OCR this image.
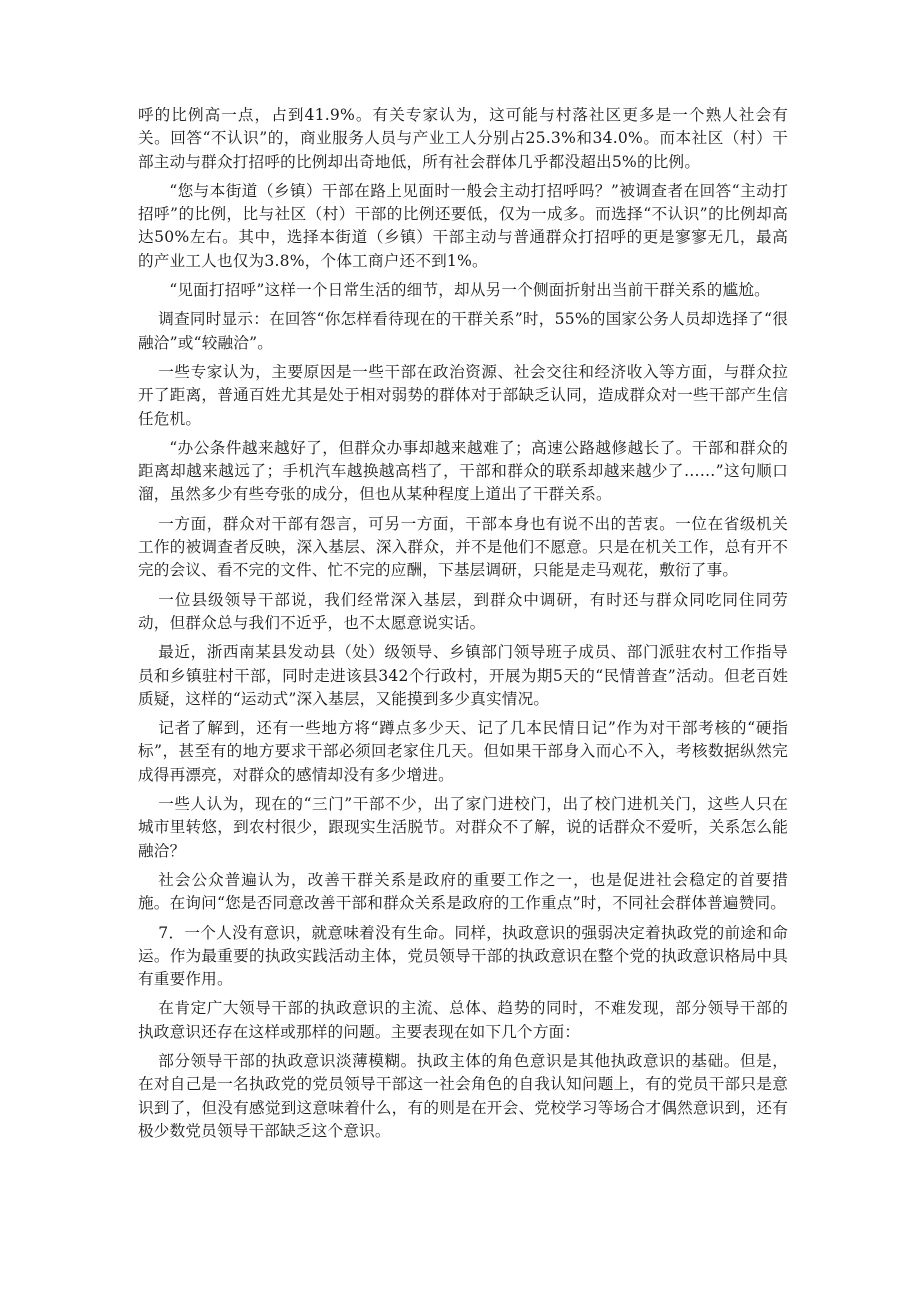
呼的比例高一点，占到41.9%。有关专家认为，这可能与村落社区更多是一个熟人社会有关。回答“不认识”的，商业服务人员与产业工人分别占25.3%和34.0%。而本社区（村）干部主动与群众打招呼的比例却出奇地低，所有社会群体几乎都没超出5%的比例。

“您与本街道（乡镇）干部在路上见面时一般会主动打招呼吗？”被调查者在回答“主动打招呼”的比例，比与社区（村）干部的比例还要低，仅为一成多。而选择“不认识”的比例却高达50%左右。其中，选择本街道（乡镇）干部主动与普通群众打招呼的更是寥寥无几，最高的产业工人也仅为3.8%，个体工商户还不到1%。

“见面打招呼”这样一个日常生活的细节，却从另一个侧面折射出当前干群关系的尴尬。

调查同时显示：在回答“你怎样看待现在的干群关系”时，55%的国家公务人员却选择了“很融洽”或“较融洽”。

一些专家认为，主要原因是一些干部在政治资源、社会交往和经济收入等方面，与群众拉开了距离，普通百姓尤其是处于相对弱势的群体对于部缺乏认同，造成群众对一些干部产生信任危机。

“办公条件越来越好了，但群众办事却越来越难了；高速公路越修越长了。干部和群众的距离却越来越远了；手机汽车越换越高档了，干部和群众的联系却越来越少了……”这句顺口溜，虽然多少有些夸张的成分，但也从某种程度上道出了干群关系。

一方面，群众对干部有怨言，可另一方面，干部本身也有说不出的苦衷。一位在省级机关工作的被调查者反映，深入基层、深入群众，并不是他们不愿意。只是在机关工作，总有开不完的会议、看不完的文件、忙不完的应酬，下基层调研，只能是走马观花，敷衍了事。

一位县级领导干部说，我们经常深入基层，到群众中调研，有时还与群众同吃同住同劳动，但群众总与我们不近乎，也不太愿意说实话。

最近，浙西南某县发动县（处）级领导、乡镇部门领导班子成员、部门派驻农村工作指导员和乡镇驻村干部，同时走进该县342个行政村，开展为期5天的“民情普查”活动。但老百姓质疑，这样的“运动式”深入基层，又能摸到多少真实情况。

记者了解到，还有一些地方将“蹲点多少天、记了几本民情日记”作为对干部考核的“硬指标”，甚至有的地方要求干部必须回老家住几天。但如果干部身入而心不入，考核数据纵然完成得再漂亮，对群众的感情却没有多少增进。

一些人认为，现在的“三门”干部不少，出了家门进校门，出了校门进机关门，这些人只在城市里转悠，到农村很少，跟现实生活脱节。对群众不了解，说的话群众不爱听，关系怎么能融洽？

社会公众普遍认为，改善干群关系是政府的重要工作之一，也是促进社会稳定的首要措施。在询问“您是否同意改善干部和群众关系是政府的工作重点”时，不同社会群体普遍赞同。

7．一个人没有意识，就意味着没有生命。同样，执政意识的强弱决定着执政党的前途和命运。作为最重要的执政实践活动主体，党员领导干部的执政意识在整个党的执政意识格局中具有重要作用。

在肯定广大领导干部的执政意识的主流、总体、趋势的同时，不难发现，部分领导干部的执政意识还存在这样或那样的问题。主要表现在如下几个方面：

部分领导干部的执政意识淡薄模糊。执政主体的角色意识是其他执政意识的基础。但是，在对自己是一名执政党的党员领导干部这一社会角色的自我认知问题上，有的党员干部只是意识到了，但没有感觉到这意味着什么，有的则是在开会、党校学习等场合才偶然意识到，还有极少数党员领导干部缺乏这个意识。
